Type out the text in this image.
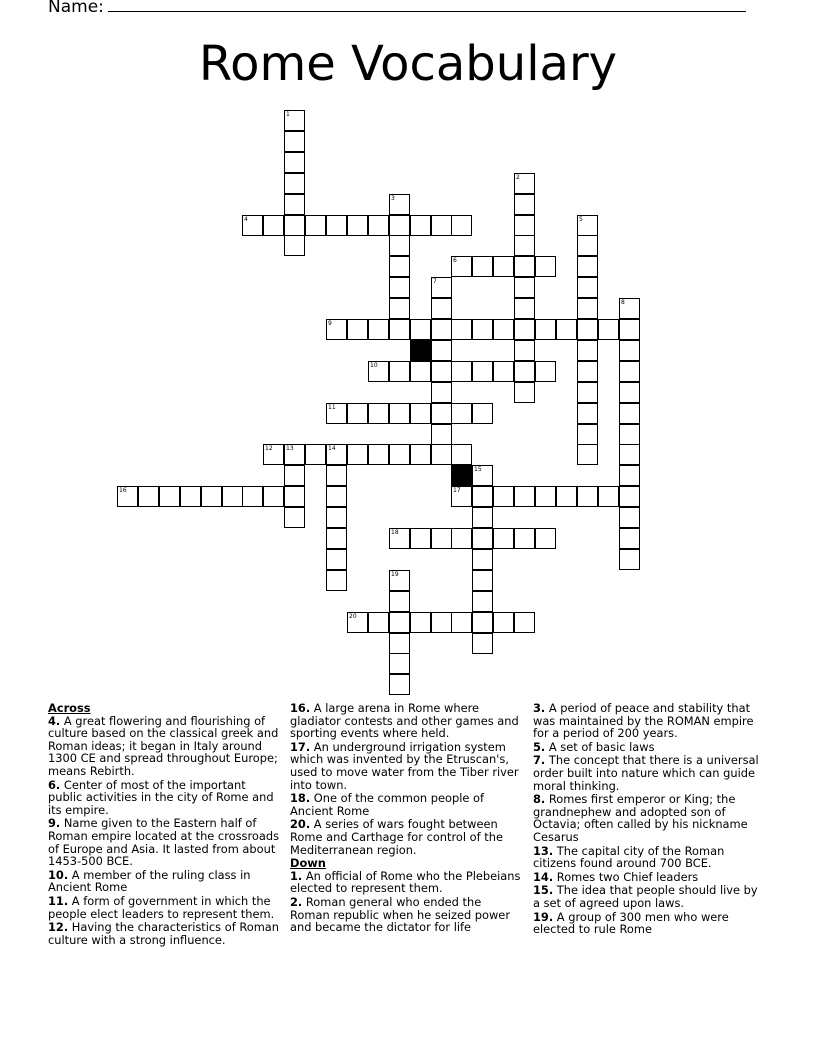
Name:
Rome Vocabulary
1
2
3
4	5
6
7
8
9
10
11
12 13	14
15
16	17
18
19
20
Across
4. A great flowering and flourishing of culture based on the classical greek and Roman ideas; it began in Italy around 1300 CE and spread throughout Europe; means Rebirth.
6. Center of most of the important public activities in the city of Rome and its empire.
9. Name given to the Eastern half of Roman empire located at the crossroads of Europe and Asia. It lasted from about 1453-500 BCE.
10. A member of the ruling class in Ancient Rome
11. A form of government in which the people elect leaders to represent them.
12. Having the characteristics of Roman culture with a strong influence.
16. A large arena in Rome where gladiator contests and other games and sporting events where held.
17. An underground irrigation system which was invented by the Etruscan's, used to move water from the Tiber river into town.
18. One of the common people of Ancient Rome
20. A series of wars fought between Rome and Carthage for control of the Mediterranean region.
Down
1. An official of Rome who the Plebeians elected to represent them.
2. Roman general who ended the Roman republic when he seized power and became the dictator for life
3. A period of peace and stability that was maintained by the ROMAN empire for a period of 200 years.
5. A set of basic laws
7. The concept that there is a universal order built into nature which can guide moral thinking.
8. Romes first emperor or King; the grandnephew and adopted son of Octavia; often called by his nickname Cesarus
13. The capital city of the Roman citizens found around 700 BCE.
14. Romes two Chief leaders
15. The idea that people should live by a set of agreed upon laws.
19. A group of 300 men who were elected to rule Rome
